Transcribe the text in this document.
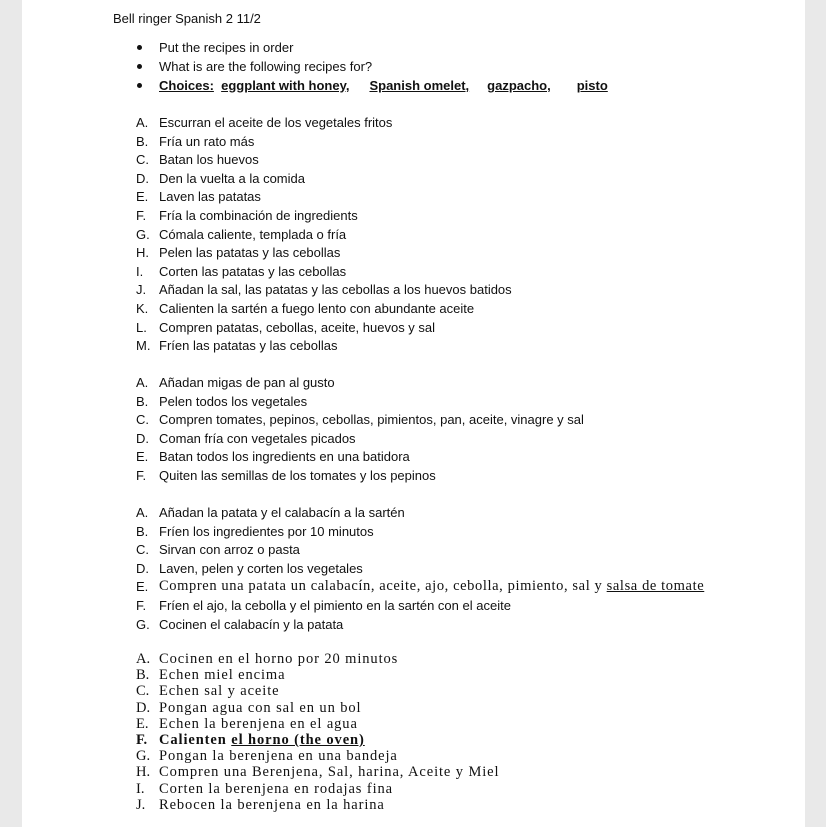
Bell ringer Spanish 2 11/2
Put the recipes in order
What is are the following recipes for?
Choices: eggplant with honey, Spanish omelet, gazpacho, pisto
A. Escurran el aceite de los vegetales fritos
B. Fría un rato más
C. Batan los huevos
D. Den la vuelta a la comida
E. Laven las patatas
F. Fría la combinación de ingredients
G. Cómala caliente, templada o fría
H. Pelen las patatas y las cebollas
I. Corten las patatas y las cebollas
J. Añadan la sal, las patatas y las cebollas a los huevos batidos
K. Calienten la sartén a fuego lento con abundante aceite
L. Compren patatas, cebollas, aceite, huevos y sal
M. Fríen las patatas y las cebollas
A. Añadan migas de pan al gusto
B. Pelen todos los vegetales
C. Compren tomates, pepinos, cebollas, pimientos, pan, aceite, vinagre y sal
D. Coman fría con vegetales picados
E. Batan todos los ingredients en una batidora
F. Quiten las semillas de los tomates y los pepinos
A. Añadan la patata y el calabacín a la sartén
B. Fríen los ingredientes por 10 minutos
C. Sirvan con arroz o pasta
D. Laven, pelen y corten los vegetales
E. Compren una patata un calabacín, aceite, ajo, cebolla, pimiento, sal y salsa de tomate
F. Fríen el ajo, la cebolla y el pimiento en la sartén con el aceite
G. Cocinen el calabacín y la patata
A. Cocinen en el horno por 20 minutos
B. Echen miel encima
C. Echen sal y aceite
D. Pongan agua con sal en un bol
E. Echen la berenjena en el agua
F. Calienten el horno (the oven)
G. Pongan la berenjena en una bandeja
H. Compren una Berenjena, Sal, harina, Aceite y Miel
I. Corten la berenjena en rodajas fina
J. Rebocen la berenjena en la harina
